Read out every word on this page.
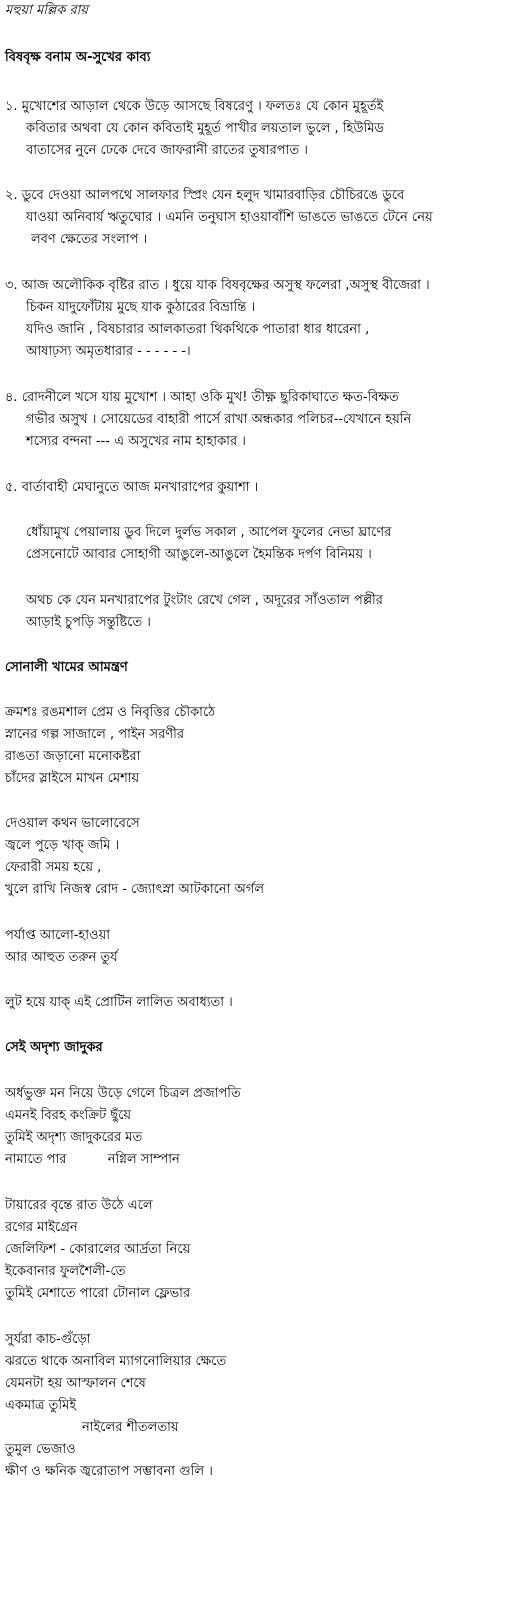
মহুয়া মল্লিক রায়
বিষবৃক্ষ বনাম অ-সুখের কাব্য
১. মুখোশের আড়াল থেকে উড়ে আসছে বিষরেণু । ফলতঃ যে কোন মুহূর্তই
কবিতার অথবা যে কোন কবিতাই মুহূর্ত পাখীর লয়তাল ভুলে , হিউমিড
বাতাসের নুনে ঢেকে দেবে জাফরানী রাতের তুষারপাত ।
২. ডুবে দেওয়া আলপথে সালফার স্প্রিং যেন হলুদ খামারবাড়ির চৌচিরঙে ডুবে
যাওয়া অনিবার্য ঋতুঘোর । এমনি তনুঘাস হাওয়াবাঁশি ভাঙতে ভাঙতে টেনে নেয়
লবণ ক্ষেতের সংলাপ ।
৩. আজ অলৌকিক বৃষ্টির রাত । ধুয়ে যাক বিষবৃক্ষের অসুস্থ ফলেরা ,অসুস্থ বীজেরা ।
চিকন যাদুফোঁটায় মুছে যাক কুঠারের বিভ্রান্তি ।
যদিও জানি , বিষচারার আলকাতরা থিকথিকে পাতারা ধার ধারেনা ,
আষাঢ়স্য অমৃতধারার - - - - - -।
৪. রোদনীলে খসে যায় মুখোশ । আহা ওকি মুখ! তীক্ষ্ণ ছুরিকাঘাতে ক্ষত-বিক্ষত
গভীর অসুখ । সোয়েডের বাহারী পার্সে রাখা অন্ধকার পলিচর--যেখানে হয়নি
শস্যের বন্দনা --- এ অসুখের নাম হাহাকার ।
৫. বার্তাবাহী মেঘানুতে আজ মনখারাপের কুয়াশা ।
ধোঁয়ামুখ পেয়ালায় ডুব দিলে দুর্লভ সকাল , আপেল ফুলের নেভা ঘ্রাণের
প্রেসনোটে আবার সোহাগী আঙুলে-আঙুলে হৈমন্তিক দর্পণ বিনিময় ।
অথচ কে যেন মনখারাপের টুংটাং রেখে গেল , অদূরের সাঁওতাল পল্লীর
আড়াই চুপড়ি সন্তুষ্টিতে ।
সোনালী খামের আমন্ত্রণ
ক্রমশঃ রঙমশাল প্রেম ও নিবৃত্তির চৌকাঠে
স্নানের গল্প সাজালে , পাইন সরণীর
রাঙতা জড়ানো মনোকষ্টরা
চাঁদের স্লাইসে মাখন মেশায়
দেওয়াল কথন ভালোবেসে
জ্বলে পুড়ে খাক্ জমি ।
ফেরারী সময় হয়ে ,
খুলে রাখি নিজস্ব রোদ - জ্যোৎস্না আটকানো অর্গল
পর্যাপ্ত আলো-হাওয়া
আর আহুত তরুন তুর্য
লুট হয়ে যাক্ এই প্রোটিন লালিত অবাধ্যতা ।
সেই অদৃশ্য জাদুকর
অর্ধভুক্ত মন নিয়ে উড়ে গেলে চিত্রল প্রজাপতি
এমনই বিরহ কংক্রিট ছুঁয়ে
তুমিই অদৃশ্য জাদুকরের মত
নামাতে পার          নগ্নিল সাম্পান
টায়ারের বৃন্তে রাত উঠে এলে
রগের মাইগ্রেন
জেলিফিশ - কোরালের আর্দ্রতা নিয়ে
ইকেবানার ফুলশৈলী-তে
তুমিই মেশাতে পারো টোনাল ফ্লেভার
সুর্যরা কাচ-গুঁড়ো
ঝরতে থাকে অনাবিল ম্যাগনোলিয়ার ক্ষেতে
যেমনটা হয় আস্ফালন শেষে
একমাত্র তুমিই
নাইলের শীতলতায়
তুমুল ভেজাও
ক্ষীণ ও ক্ষনিক জ্বরোতাপ সম্ভাবনা গুলি ।
